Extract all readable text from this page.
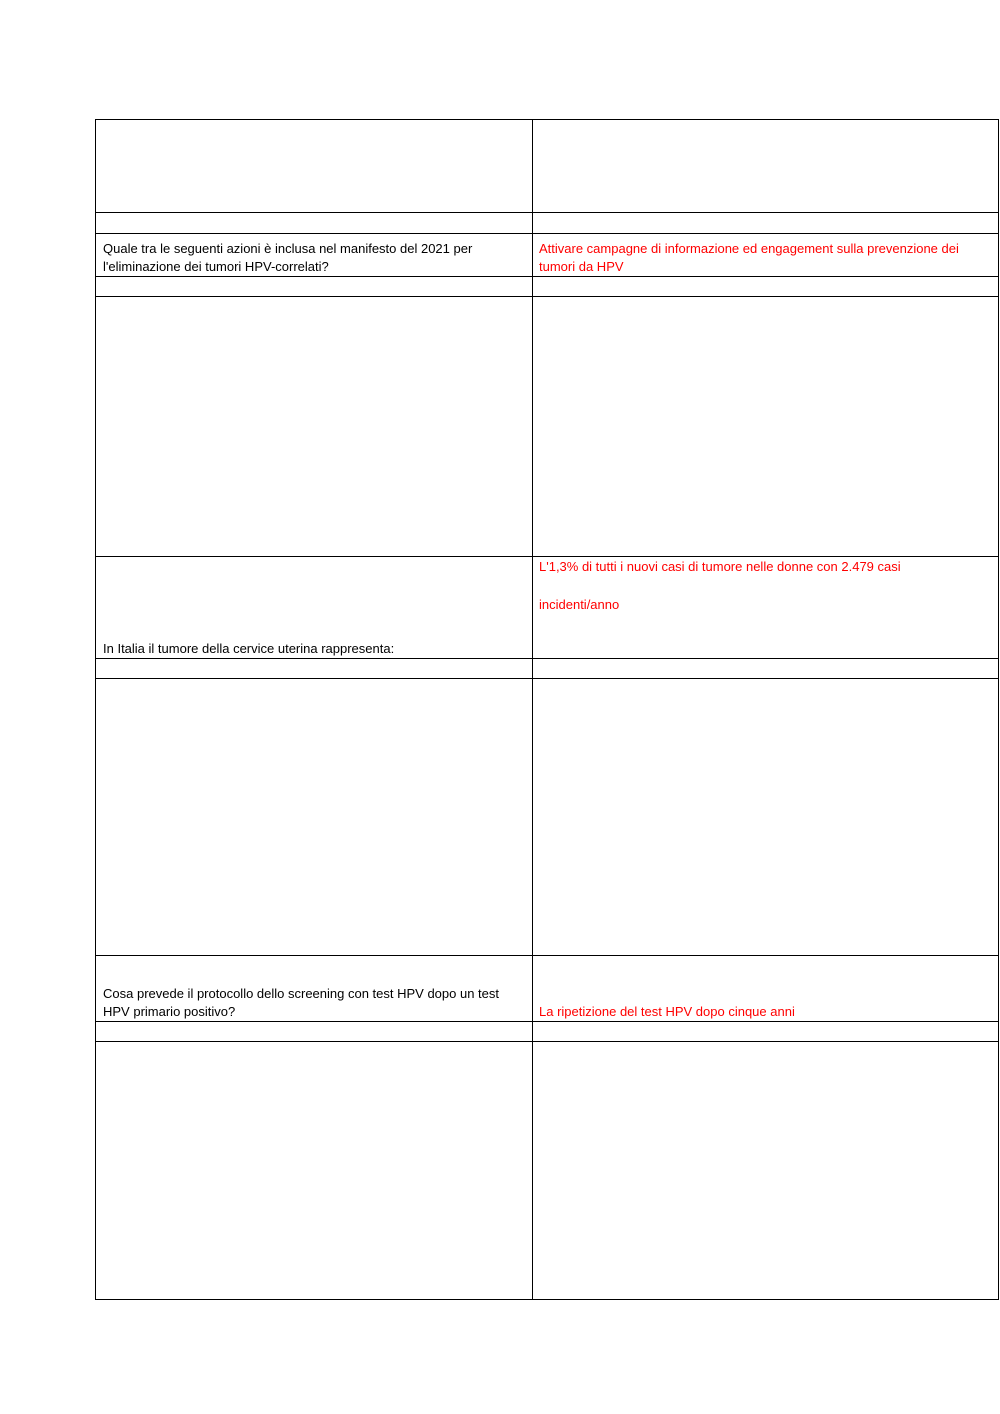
Quale tra le seguenti azioni è inclusa nel manifesto del 2021 per l'eliminazione dei tumori HPV-correlati?
Attivare campagne di informazione ed engagement sulla prevenzione dei tumori da HPV
L'1,3% di tutti i nuovi casi di tumore nelle donne con 2.479 casi
incidenti/anno
In Italia il tumore della cervice uterina rappresenta:
Cosa prevede il protocollo dello screening con test HPV dopo un test HPV primario positivo?	La ripetizione del test HPV dopo cinque anni
